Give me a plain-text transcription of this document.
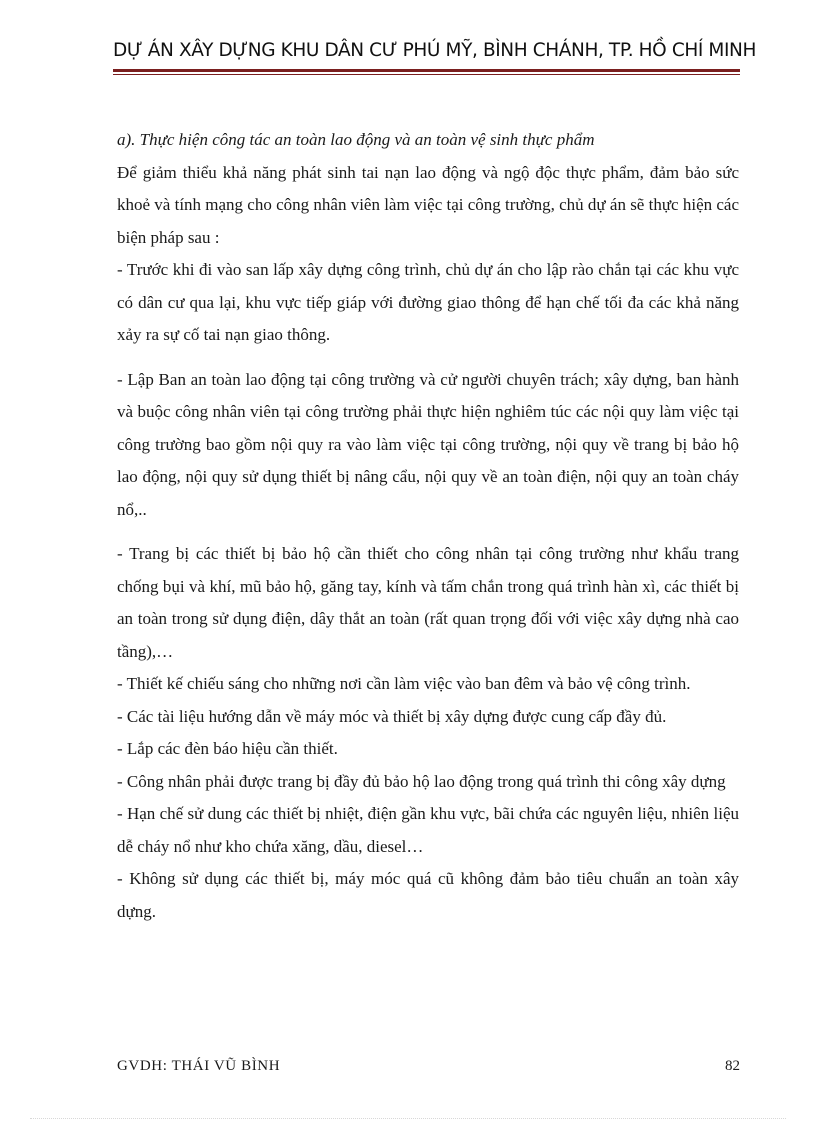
DỰ ÁN XÂY DỰNG KHU DÂN CƯ PHÚ MỸ, BÌNH CHÁNH, TP. HỒ CHÍ MINH

a). Thực hiện công tác an toàn lao động và an toàn vệ sinh thực phẩm

Để giảm thiểu khả năng phát sinh tai nạn lao động và ngộ độc thực phẩm, đảm bảo sức khoẻ và tính mạng cho công nhân viên làm việc tại công trường, chủ dự án sẽ thực hiện các biện pháp sau :

- Trước khi đi vào san lấp xây dựng công trình, chủ dự án cho lập rào chắn tại các khu vực có dân cư qua lại, khu vực tiếp giáp với đường giao thông để hạn chế tối đa các khả năng xảy ra sự cố tai nạn giao thông.

- Lập Ban an toàn lao động tại công trường và cử người chuyên trách; xây dựng, ban hành và buộc công nhân viên tại công trường phải thực hiện nghiêm túc các nội quy làm việc tại công trường bao gồm nội quy ra vào làm việc tại công trường, nội quy về trang bị bảo hộ lao động, nội quy sử dụng thiết bị nâng cẩu, nội quy về an toàn điện, nội quy an toàn cháy nổ,..

- Trang bị các thiết bị bảo hộ cần thiết cho công nhân tại công trường như khẩu trang chống bụi và khí, mũ bảo hộ, găng tay, kính và tấm chắn trong quá trình hàn xì, các thiết bị an toàn trong sử dụng điện, dây thắt an toàn (rất quan trọng đối với việc xây dựng nhà cao tầng),…

- Thiết kế chiếu sáng cho những nơi cần làm việc vào ban đêm và bảo vệ công trình.

- Các tài liệu hướng dẫn về máy móc và thiết bị xây dựng được cung cấp đầy đủ.

- Lắp các đèn báo hiệu cần thiết.

- Công nhân phải được trang bị đầy đủ bảo hộ lao động trong quá trình thi công xây dựng

- Hạn chế sử dung các thiết bị nhiệt, điện gần khu vực, bãi chứa các nguyên liệu, nhiên liệu dễ cháy nổ như kho chứa xăng, dầu, diesel…

- Không sử dụng các thiết bị, máy móc quá cũ không đảm bảo tiêu chuẩn an toàn xây dựng.

GVDH: THÁI VŨ BÌNH	82
